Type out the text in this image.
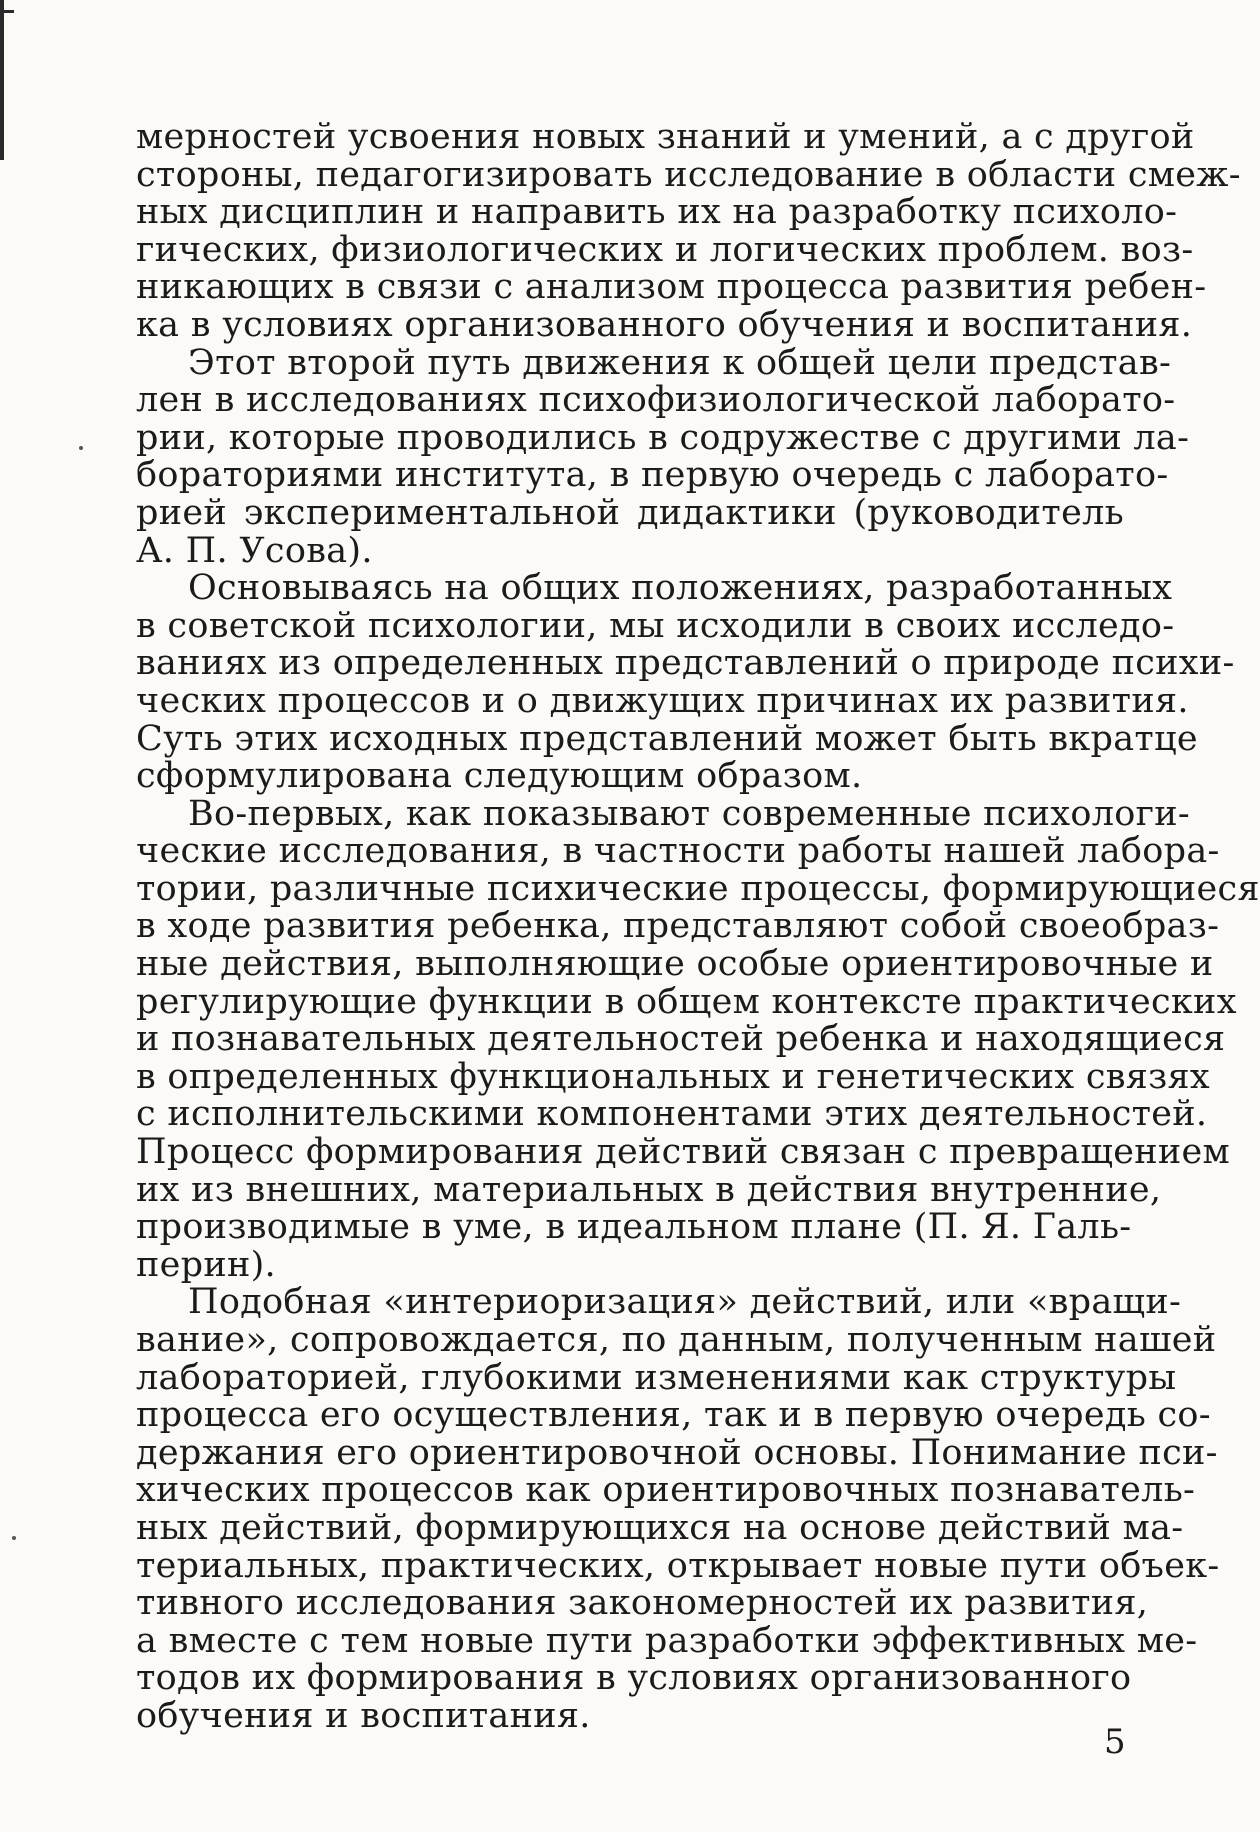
мерностей усвоения новых знаний и умений, а с другой
стороны, педагогизировать исследование в области смеж-
ных дисциплин и направить их на разработку психоло-
гических, физиологических и логических проблем. воз-
никающих в связи с анализом процесса развития ребен-
ка в условиях организованного обучения и воспитания.
Этот второй путь движения к общей цели представ-
лен в исследованиях психофизиологической лаборато-
рии, которые проводились в содружестве с другими ла-
бораториями института, в первую очередь с лаборато-
рией экспериментальной дидактики (руководитель
А. П. Усова).
Основываясь на общих положениях, разработанных
в советской психологии, мы исходили в своих исследо-
ваниях из определенных представлений о природе психи-
ческих процессов и о движущих причинах их развития.
Суть этих исходных представлений может быть вкратце
сформулирована следующим образом.
Во-первых, как показывают современные психологи-
ческие исследования, в частности работы нашей лабора-
тории, различные психические процессы, формирующиеся
в ходе развития ребенка, представляют собой своеобраз-
ные действия, выполняющие особые ориентировочные и
регулирующие функции в общем контексте практических
и познавательных деятельностей ребенка и находящиеся
в определенных функциональных и генетических связях
с исполнительскими компонентами этих деятельностей.
Процесс формирования действий связан с превращением
их из внешних, материальных в действия внутренние,
производимые в уме, в идеальном плане (П. Я. Галь-
перин).
Подобная «интериоризация» действий, или «вращи-
вание», сопровождается, по данным, полученным нашей
лабораторией, глубокими изменениями как структуры
процесса его осуществления, так и в первую очередь со-
держания его ориентировочной основы. Понимание пси-
хических процессов как ориентировочных познаватель-
ных действий, формирующихся на основе действий ма-
териальных, практических, открывает новые пути объек-
тивного исследования закономерностей их развития,
а вместе с тем новые пути разработки эффективных ме-
тодов их формирования в условиях организованного
обучения и воспитания.
5
